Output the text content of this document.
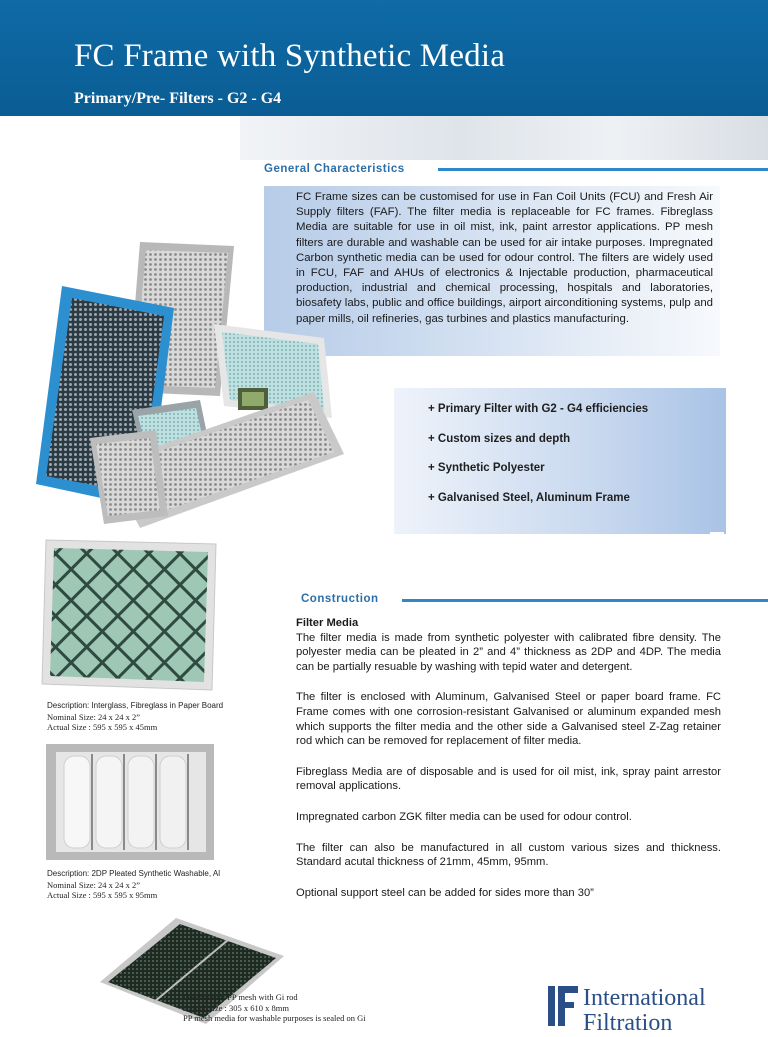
FC Frame with Synthetic Media
Primary/Pre- Filters - G2 - G4
General Characteristics
FC Frame sizes can be customised for use in Fan Coil Units (FCU) and Fresh Air Supply filters (FAF). The filter media is replaceable for FC frames. Fibreglass Media are suitable for use in oil mist, ink, paint arrestor applications. PP mesh filters are durable and washable can be used for air intake purposes. Impregnated Carbon synthetic media can be used for odour control. The filters are widely used in FCU, FAF and AHUs of electronics & Injectable production, pharmaceutical production, industrial and chemical processing, hospitals and laboratories, biosafety labs, public and office buildings, airport airconditioning systems, pulp and paper mills, oil refineries, gas turbines and plastics manufacturing.
+ Primary Filter with G2 - G4 efficiencies
+ Custom sizes and depth
+ Synthetic Polyester
+ Galvanised Steel, Aluminum Frame
Construction

Filter Media

The filter media is made from synthetic polyester with calibrated fibre density. The polyester media can be pleated in 2” and 4” thickness as 2DP and 4DP. The media can be partially resuable by washing with tepid water and detergent.

The filter is enclosed with Aluminum, Galvanised Steel or paper board frame. FC Frame comes with one corrosion-resistant Galvanised or aluminum expanded mesh which supports the filter media and the other side a Galvanised steel Z-Zag retainer rod which can be removed for replacement of filter media.

Fibreglass Media are of disposable and is used for oil mist, ink, spray paint arrestor removal applications.

Impregnated carbon ZGK filter media can be used for odour control.

The filter can also be manufactured in all custom various sizes and thickness. Standard acutal thickness of 21mm, 45mm, 95mm.

Optional support steel can be added for sides more than 30”

Description: Interglass, Fibreglass in Paper Board
Nominal Size: 24 x 24 x 2”
Actual Size : 595 x 595 x 45mm
Description: 2DP Pleated Synthetic Washable, Al
Nominal Size: 24 x 24 x 2”
Actual Size : 595 x 595 x 95mm
Description: PP mesh with Gi rod
Actual Size : 305 x 610 x 8mm
PP mesh media for washable purposes is sealed on Gi
International
Filtration
